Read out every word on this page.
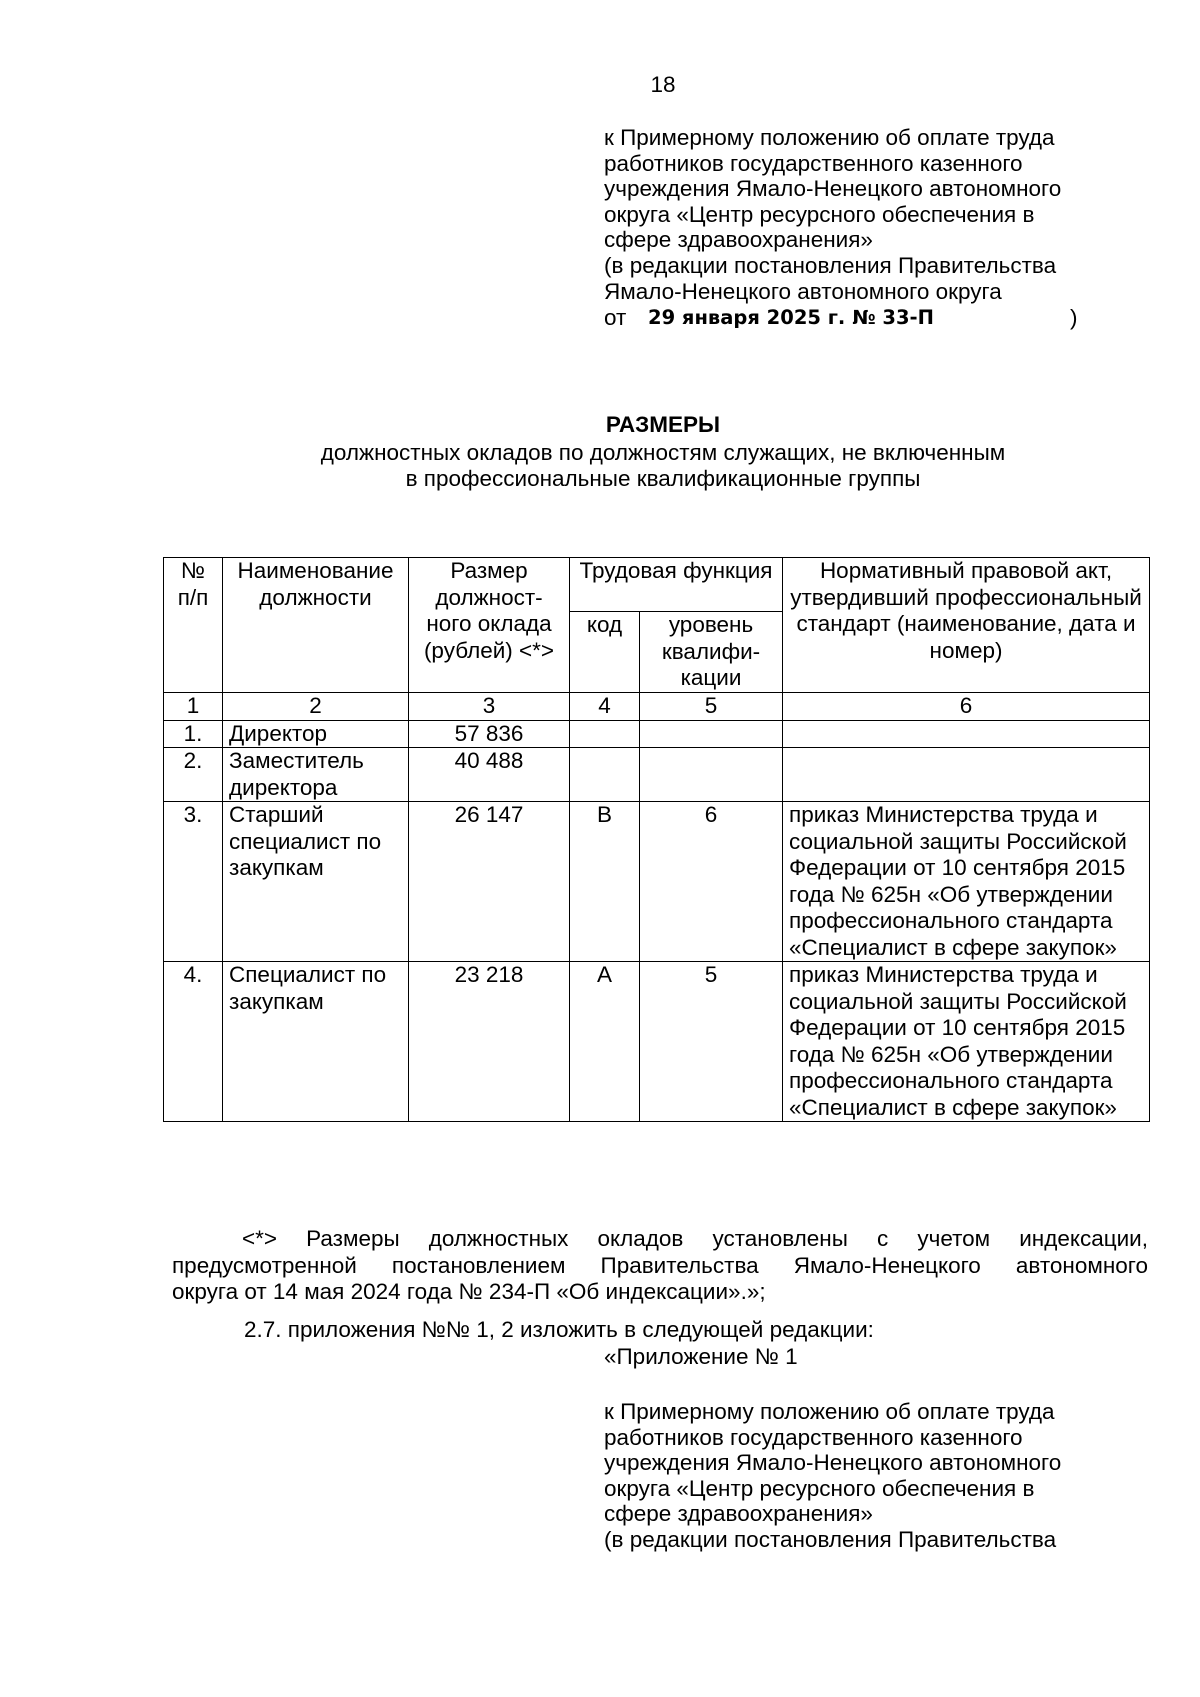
18
к Примерному положению об оплате труда
работников государственного казенного
учреждения Ямало-Ненецкого автономного
округа «Центр ресурсного обеспечения в
сфере здравоохранения»
(в редакции постановления Правительства
Ямало-Ненецкого автономного округа
от 29 января 2025 г. № 33-П	)
РАЗМЕРЫ
должностных окладов по должностям служащих, не включенным
в профессиональные квалификационные группы
№ п/п	Наименование должности	Размер должност- ного оклада (рублей) <*>	Трудовая функция		Нормативный правовой акт, утвердивший профессиональный стандарт (наименование, дата и номер)
			код	уровень квалифи- кации	
1	2	3	4	5	6
1.	Директор	57 836			
2.	Заместитель директора	40 488			
3.	Старший специалист по закупкам	26 147	В	6	приказ Министерства труда и социальной защиты Российской Федерации от 10 сентября 2015 года № 625н «Об утверждении профессионального стандарта «Специалист в сфере закупок»
4.	Специалист по закупкам	23 218	А	5	приказ Министерства труда и социальной защиты Российской Федерации от 10 сентября 2015 года № 625н «Об утверждении профессионального стандарта «Специалист в сфере закупок»
<*> Размеры должностных окладов установлены с учетом индексации,
предусмотренной постановлением Правительства Ямало-Ненецкого автономного
округа от 14 мая 2024 года № 234-П «Об индексации».»;
2.7. приложения №№ 1, 2 изложить в следующей редакции:
«Приложение № 1
к Примерному положению об оплате труда
работников государственного казенного
учреждения Ямало-Ненецкого автономного
округа «Центр ресурсного обеспечения в
сфере здравоохранения»
(в редакции постановления Правительства
